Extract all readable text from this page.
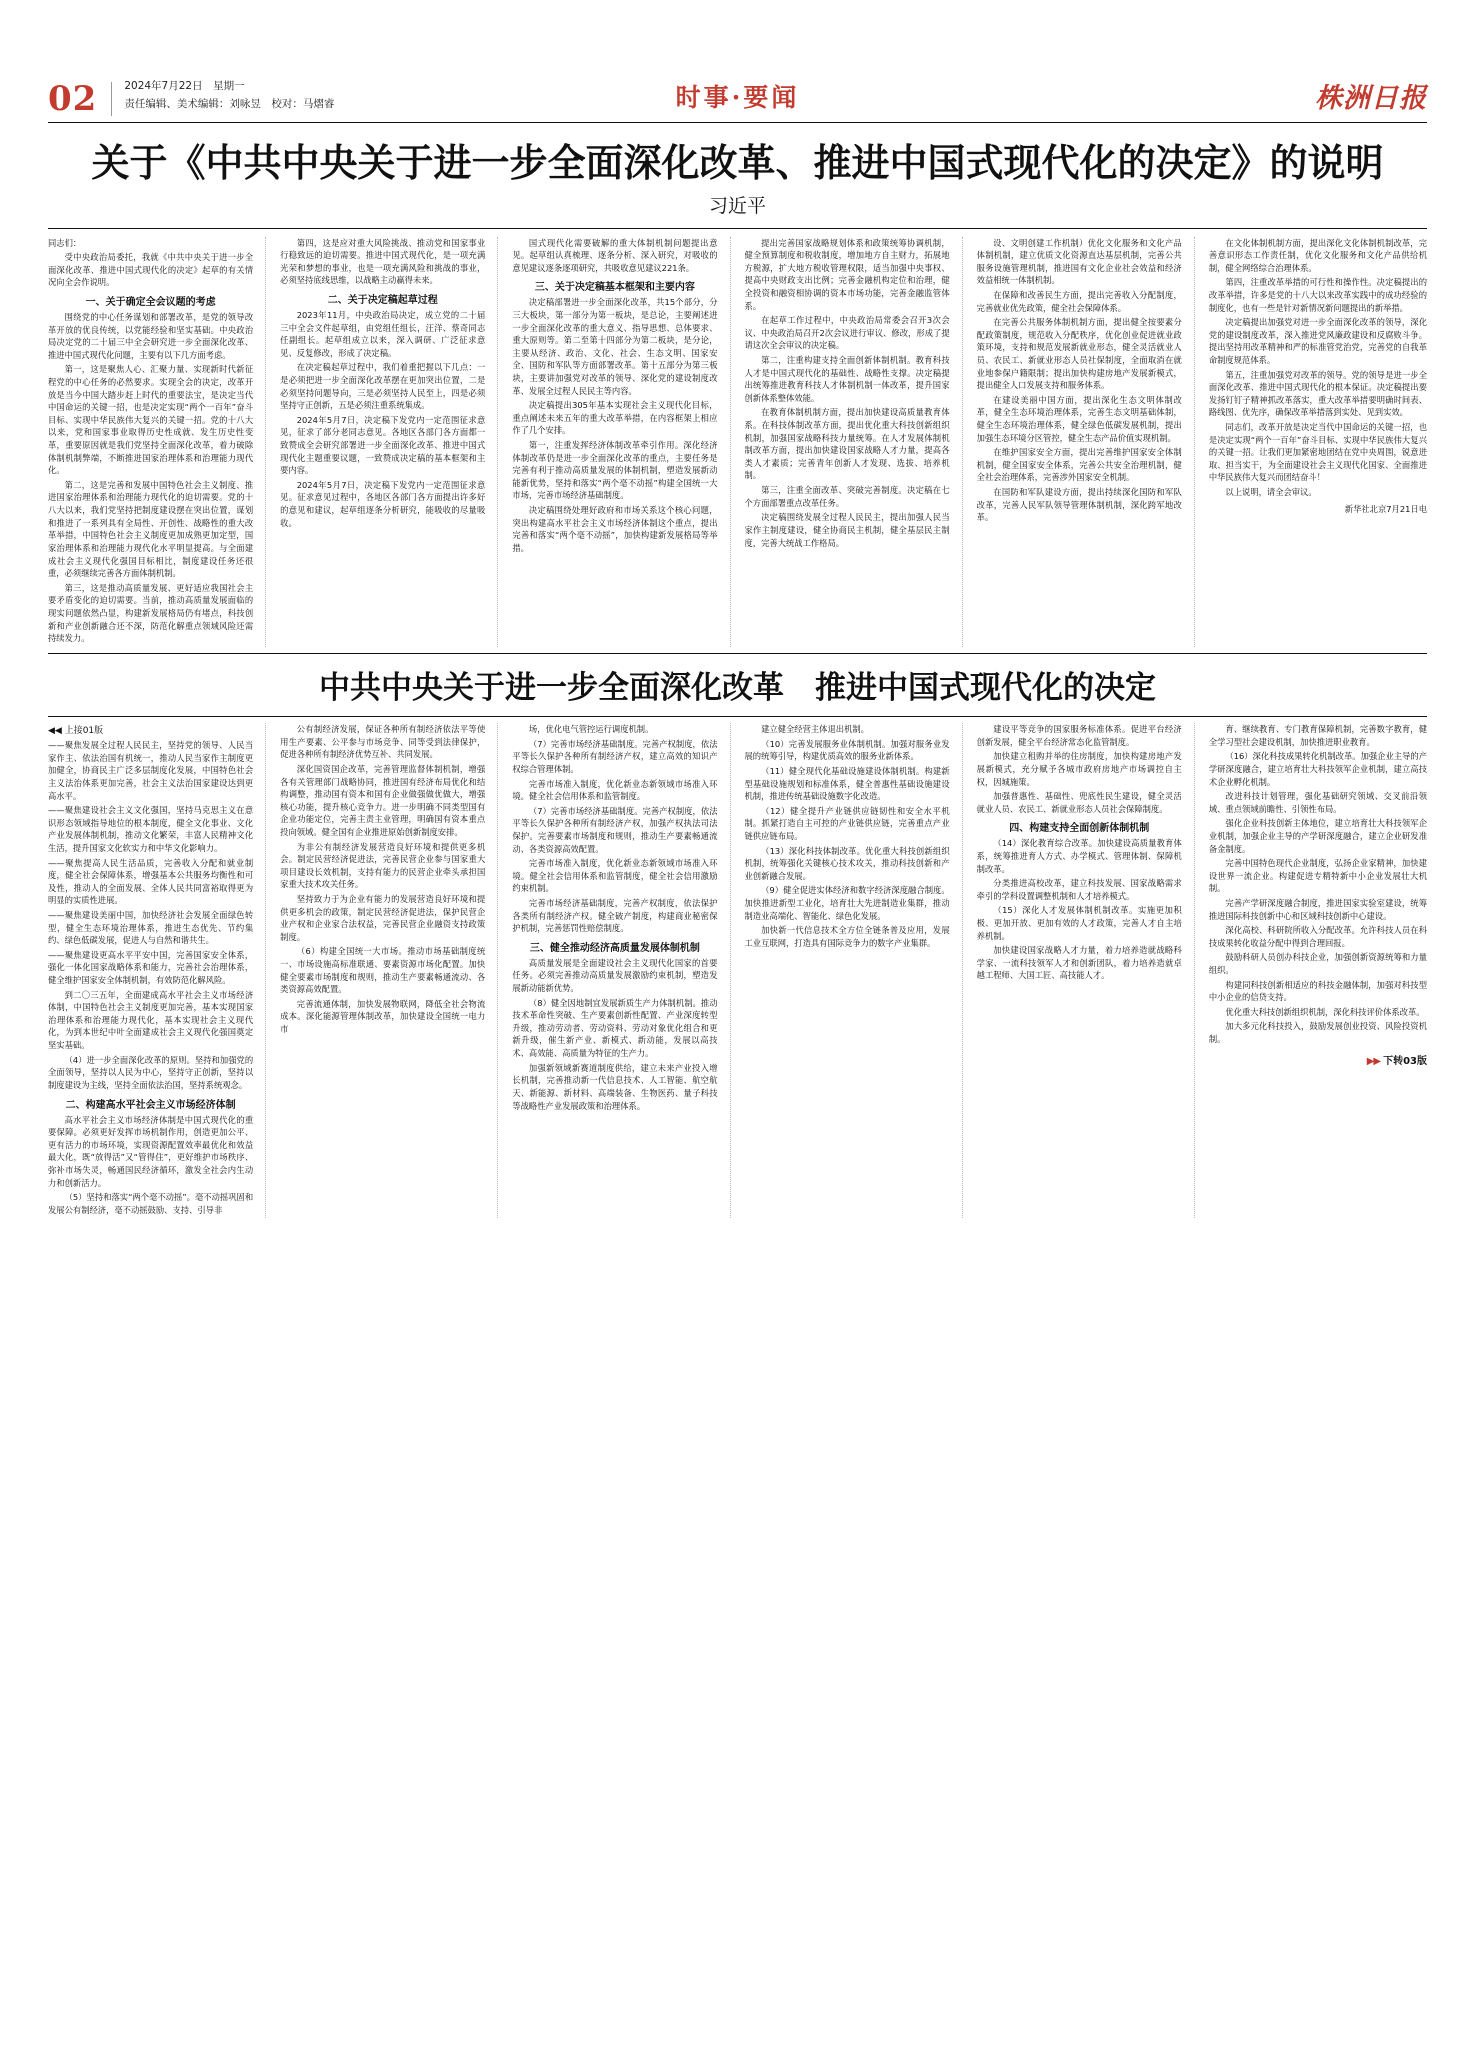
02	2024年7月22日　星期一
责任编辑、美术编辑：刘咏昱　校对：马熠睿	时事·要闻	株洲日报
关于《中共中央关于进一步全面深化改革、推进中国式现代化的决定》的说明
习近平

同志们：

受中央政治局委托，我就《中共中央关于进一步全面深化改革、推进中国式现代化的决定》起草的有关情况向全会作说明。

一、关于确定全会议题的考虑

围绕党的中心任务谋划和部署改革，是党的领导改革开放的优良传统，以党能经验和坚实基础。中央政治局决定党的二十届三中全会研究进一步全面深化改革、推进中国式现代化问题，主要有以下几方面考虑。

第一，这是聚焦人心、汇聚力量、实现新时代新征程党的中心任务的必然要求。实现全会的决定，改革开放是当今中国大踏步赶上时代的重要法宝，是决定当代中国命运的关键一招，也是决定实现“两个一百年”奋斗目标、实现中华民族伟大复兴的关键一招。党的十八大以来，党和国家事业取得历史性成就、发生历史性变革，重要原因就是我们党坚持全面深化改革，着力破除体制机制弊端，不断推进国家治理体系和治理能力现代化。

第二，这是完善和发展中国特色社会主义制度、推进国家治理体系和治理能力现代化的迫切需要。党的十八大以来，我们党坚持把制度建设摆在突出位置，谋划和推进了一系列具有全局性、开创性、战略性的重大改革举措，中国特色社会主义制度更加成熟更加定型，国家治理体系和治理能力现代化水平明显提高。与全面建成社会主义现代化强国目标相比，制度建设任务还很重，必须继续完善各方面体制机制。

第三，这是推动高质量发展、更好适应我国社会主要矛盾变化的迫切需要。当前，推动高质量发展面临的现实问题依然凸显，构建新发展格局仍有堵点，科技创新和产业创新融合还不深，防范化解重点领域风险还需持续发力。

第四，这是应对重大风险挑战、推动党和国家事业行稳致远的迫切需要。推进中国式现代化，是一项充满光荣和梦想的事业，也是一项充满风险和挑战的事业，必须坚持底线思维，以战略主动赢得未来。

二、关于决定稿起草过程

2023年11月，中央政治局决定，成立党的二十届三中全会文件起草组，由党组任组长，汪洋、蔡奇同志任副组长。起草组成立以来，深入调研、广泛征求意见、反复修改，形成了决定稿。

在决定稿起草过程中，我们着重把握以下几点：一是必须把进一步全面深化改革摆在更加突出位置，二是必须坚持问题导向，三是必须坚持人民至上，四是必须坚持守正创新，五是必须注重系统集成。

2024年5月7日，决定稿下发党内一定范围征求意见，征求了部分老同志意见。各地区各部门各方面都一致赞成全会研究部署进一步全面深化改革、推进中国式现代化主题重要议题，一致赞成决定稿的基本框架和主要内容。

2024年5月7日，决定稿下发党内一定范围征求意见。征求意见过程中，各地区各部门各方面提出许多好的意见和建议，起草组逐条分析研究，能吸收的尽量吸收。

国式现代化需要破解的重大体制机制问题提出意见。起草组认真梳理、逐条分析、深入研究，对吸收的意见建议逐条逐项研究，共吸收意见建议221条。

三、关于决定稿基本框架和主要内容

决定稿部署进一步全面深化改革，共15个部分，分三大板块，第一部分为第一板块，是总论，主要阐述进一步全面深化改革的重大意义、指导思想、总体要求、重大原则等。第二至第十四部分为第二板块，是分论，主要从经济、政治、文化、社会、生态文明、国家安全、国防和军队等方面部署改革。第十五部分为第三板块，主要讲加强党对改革的领导、深化党的建设制度改革、发展全过程人民民主等内容。

决定稿提出305年基本实现社会主义现代化目标，重点阐述未来五年的重大改革举措，在内容框架上相应作了几个安排。

第一，注重发挥经济体制改革牵引作用。深化经济体制改革仍是进一步全面深化改革的重点，主要任务是完善有利于推动高质量发展的体制机制，塑造发展新动能新优势，坚持和落实“两个毫不动摇”构建全国统一大市场，完善市场经济基础制度。

决定稿围绕处理好政府和市场关系这个核心问题，突出构建高水平社会主义市场经济体制这个重点，提出完善和落实“两个毫不动摇”，加快构建新发展格局等举措。

提出完善国家战略规划体系和政策统筹协调机制，健全预算制度和税收制度，增加地方自主财力，拓展地方税源，扩大地方税收管理权限，适当加强中央事权、提高中央财政支出比例；完善金融机构定位和治理，健全投资和融资相协调的资本市场功能，完善金融监管体系。

在起草工作过程中，中央政治局常委会召开3次会议、中央政治局召开2次会议进行审议、修改，形成了提请这次全会审议的决定稿。

第二，注重构建支持全面创新体制机制。教育科技人才是中国式现代化的基础性、战略性支撑。决定稿提出统筹推进教育科技人才体制机制一体改革，提升国家创新体系整体效能。

在教育体制机制方面，提出加快建设高质量教育体系。在科技体制改革方面，提出优化重大科技创新组织机制，加强国家战略科技力量统筹。在人才发展体制机制改革方面，提出加快建设国家战略人才力量，提高各类人才素质；完善青年创新人才发现、选拔、培养机制。

第三，注重全面改革、突破完善制度。决定稿在七个方面部署重点改革任务。

决定稿围绕发展全过程人民民主，提出加强人民当家作主制度建设，健全协商民主机制，健全基层民主制度，完善大统战工作格局。

设、文明创建工作机制）优化文化服务和文化产品体制机制，建立优质文化资源直达基层机制，完善公共服务设施管理机制，推进国有文化企业社会效益和经济效益相统一体制机制。

在保障和改善民生方面，提出完善收入分配制度，完善就业优先政策，健全社会保障体系。

在完善公共服务体制机制方面，提出健全按要素分配政策制度，规范收入分配秩序，优化创业促进就业政策环境，支持和规范发展新就业形态，健全灵活就业人员、农民工、新就业形态人员社保制度，全面取消在就业地参保户籍限制；提出加快构建房地产发展新模式，提出健全人口发展支持和服务体系。

在建设美丽中国方面，提出深化生态文明体制改革，健全生态环境治理体系，完善生态文明基础体制，健全生态环境治理体系，健全绿色低碳发展机制，提出加强生态环境分区管控，健全生态产品价值实现机制。

在维护国家安全方面，提出完善维护国家安全体制机制，健全国家安全体系，完善公共安全治理机制，健全社会治理体系，完善涉外国家安全机制。

在国防和军队建设方面，提出持续深化国防和军队改革，完善人民军队领导管理体制机制，深化跨军地改革。

在文化体制机制方面，提出深化文化体制机制改革，完善意识形态工作责任制，优化文化服务和文化产品供给机制，健全网络综合治理体系。

第四，注重改革举措的可行性和操作性。决定稿提出的改革举措，许多是党的十八大以来改革实践中的成功经验的制度化，也有一些是针对新情况新问题提出的新举措。

决定稿提出加强党对进一步全面深化改革的领导，深化党的建设制度改革，深入推进党风廉政建设和反腐败斗争。提出坚持用改革精神和严的标准管党治党，完善党的自我革命制度规范体系。

第五，注重加强党对改革的领导。党的领导是进一步全面深化改革、推进中国式现代化的根本保证。决定稿提出要发扬钉钉子精神抓改革落实，重大改革举措要明确时间表、路线图、优先序，确保改革举措落到实处、见到实效。

同志们，改革开放是决定当代中国命运的关键一招，也是决定实现“两个一百年”奋斗目标、实现中华民族伟大复兴的关键一招。让我们更加紧密地团结在党中央周围，锐意进取、担当实干，为全面建设社会主义现代化国家、全面推进中华民族伟大复兴而团结奋斗！

以上说明，请全会审议。

新华社北京7月21日电
中共中央关于进一步全面深化改革　推进中国式现代化的决定
◀◀ 上接01版

——聚焦发展全过程人民民主，坚持党的领导、人民当家作主、依法治国有机统一，推动人民当家作主制度更加健全，协商民主广泛多层制度化发展，中国特色社会主义法治体系更加完善，社会主义法治国家建设达到更高水平。

——聚焦建设社会主义文化强国，坚持马克思主义在意识形态领域指导地位的根本制度，健全文化事业、文化产业发展体制机制，推动文化繁荣，丰富人民精神文化生活，提升国家文化软实力和中华文化影响力。

——聚焦提高人民生活品质，完善收入分配和就业制度，健全社会保障体系，增强基本公共服务均衡性和可及性，推动人的全面发展、全体人民共同富裕取得更为明显的实质性进展。

——聚焦建设美丽中国，加快经济社会发展全面绿色转型，健全生态环境治理体系，推进生态优先、节约集约、绿色低碳发展，促进人与自然和谐共生。

——聚焦建设更高水平平安中国，完善国家安全体系，强化一体化国家战略体系和能力，完善社会治理体系，健全维护国家安全体制机制，有效防范化解风险。

到二〇三五年，全面建成高水平社会主义市场经济体制，中国特色社会主义制度更加完善，基本实现国家治理体系和治理能力现代化，基本实现社会主义现代化，为到本世纪中叶全面建成社会主义现代化强国奠定坚实基础。

（4）进一步全面深化改革的原则。坚持和加强党的全面领导，坚持以人民为中心，坚持守正创新，坚持以制度建设为主线，坚持全面依法治国，坚持系统观念。

二、构建高水平社会主义市场经济体制

高水平社会主义市场经济体制是中国式现代化的重要保障。必须更好发挥市场机制作用，创造更加公平、更有活力的市场环境，实现资源配置效率最优化和效益最大化，既“放得活”又“管得住”，更好维护市场秩序、弥补市场失灵，畅通国民经济循环，激发全社会内生动力和创新活力。

（5）坚持和落实“两个毫不动摇”。毫不动摇巩固和发展公有制经济，毫不动摇鼓励、支持、引导非

公有制经济发展，保证各种所有制经济依法平等使用生产要素、公平参与市场竞争、同等受到法律保护，促进各种所有制经济优势互补、共同发展。

深化国资国企改革，完善管理监督体制机制，增强各有关管理部门战略协同，推进国有经济布局优化和结构调整，推动国有资本和国有企业做强做优做大，增强核心功能，提升核心竞争力。进一步明确不同类型国有企业功能定位，完善主责主业管理，明确国有资本重点投向领域。健全国有企业推进原始创新制度安排。

为非公有制经济发展营造良好环境和提供更多机会。制定民营经济促进法，完善民营企业参与国家重大项目建设长效机制，支持有能力的民营企业牵头承担国家重大技术攻关任务。

坚持致力于为企业有能力的发展营造良好环境和提供更多机会的政策，制定民营经济促进法，保护民营企业产权和企业家合法权益，完善民营企业融资支持政策制度。

（6）构建全国统一大市场。推动市场基础制度统一、市场设施高标准联通、要素资源市场化配置。加快健全要素市场制度和规则，推动生产要素畅通流动、各类资源高效配置。

完善流通体制，加快发展物联网，降低全社会物流成本。深化能源管理体制改革，加快建设全国统一电力市

场，优化电气管控运行调度机制。

（7）完善市场经济基础制度。完善产权制度，依法平等长久保护各种所有制经济产权，建立高效的知识产权综合管理体制。

完善市场准入制度，优化新业态新领域市场准入环境。健全社会信用体系和监管制度。

（7）完善市场经济基础制度。完善产权制度，依法平等长久保护各种所有制经济产权，加强产权执法司法保护。完善要素市场制度和规则，推动生产要素畅通流动、各类资源高效配置。

完善市场准入制度，优化新业态新领域市场准入环境。健全社会信用体系和监管制度，健全社会信用激励约束机制。

完善市场经济基础制度，完善产权制度，依法保护各类所有制经济产权。健全破产制度，构建商业秘密保护机制，完善惩罚性赔偿制度。

三、健全推动经济高质量发展体制机制

高质量发展是全面建设社会主义现代化国家的首要任务。必须完善推动高质量发展激励约束机制，塑造发展新动能新优势。

（8）健全因地制宜发展新质生产力体制机制。推动技术革命性突破、生产要素创新性配置、产业深度转型升级，推动劳动者、劳动资料、劳动对象优化组合和更新升级，催生新产业、新模式、新动能，发展以高技术、高效能、高质量为特征的生产力。

加强新领域新赛道制度供给，建立未来产业投入增长机制，完善推动新一代信息技术、人工智能、航空航天、新能源、新材料、高端装备、生物医药、量子科技等战略性产业发展政策和治理体系。

建立健全经营主体退出机制。

（10）完善发展服务业体制机制。加强对服务业发展的统筹引导，构建优质高效的服务业新体系。

（11）健全现代化基础设施建设体制机制。构建新型基础设施规划和标准体系，健全普惠性基础设施建设机制，推进传统基础设施数字化改造。

（12）健全提升产业链供应链韧性和安全水平机制。抓紧打造自主可控的产业链供应链，完善重点产业链供应链布局。

（13）深化科技体制改革。优化重大科技创新组织机制，统筹强化关键核心技术攻关，推动科技创新和产业创新融合发展。

（9）健全促进实体经济和数字经济深度融合制度。加快推进新型工业化，培育壮大先进制造业集群，推动制造业高端化、智能化、绿色化发展。

加快新一代信息技术全方位全链条普及应用，发展工业互联网，打造具有国际竞争力的数字产业集群。

建设平等竞争的国家服务标准体系。促进平台经济创新发展，健全平台经济常态化监管制度。

加快建立租购并举的住房制度，加快构建房地产发展新模式，充分赋予各城市政府房地产市场调控自主权，因城施策。

加强普惠性、基础性、兜底性民生建设，健全灵活就业人员、农民工、新就业形态人员社会保障制度。

四、构建支持全面创新体制机制

（14）深化教育综合改革。加快建设高质量教育体系，统筹推进育人方式、办学模式、管理体制、保障机制改革。

分类推进高校改革，建立科技发展、国家战略需求牵引的学科设置调整机制和人才培养模式。

（15）深化人才发展体制机制改革。实施更加积极、更加开放、更加有效的人才政策，完善人才自主培养机制。

加快建设国家战略人才力量，着力培养造就战略科学家、一流科技领军人才和创新团队，着力培养造就卓越工程师、大国工匠、高技能人才。

育、继续教育、专门教育保障机制，完善数字教育，健全学习型社会建设机制，加快推进职业教育。

（16）深化科技成果转化机制改革。加强企业主导的产学研深度融合，建立培育壮大科技领军企业机制，建立高技术企业孵化机制。

改进科技计划管理，强化基础研究领域、交叉前沿领域、重点领域前瞻性、引领性布局。

强化企业科技创新主体地位，建立培育壮大科技领军企业机制，加强企业主导的产学研深度融合，建立企业研发准备金制度。

完善中国特色现代企业制度，弘扬企业家精神，加快建设世界一流企业。构建促进专精特新中小企业发展壮大机制。

完善产学研深度融合制度，推进国家实验室建设，统筹推进国际科技创新中心和区域科技创新中心建设。

深化高校、科研院所收入分配改革。允许科技人员在科技成果转化收益分配中得到合理回报。

鼓励科研人员创办科技企业，加强创新资源统筹和力量组织。

构建同科技创新相适应的科技金融体制，加强对科技型中小企业的信贷支持。

优化重大科技创新组织机制，深化科技评价体系改革。

加大多元化科技投入，鼓励发展创业投资、风险投资机制。

▶▶ 下转03版
